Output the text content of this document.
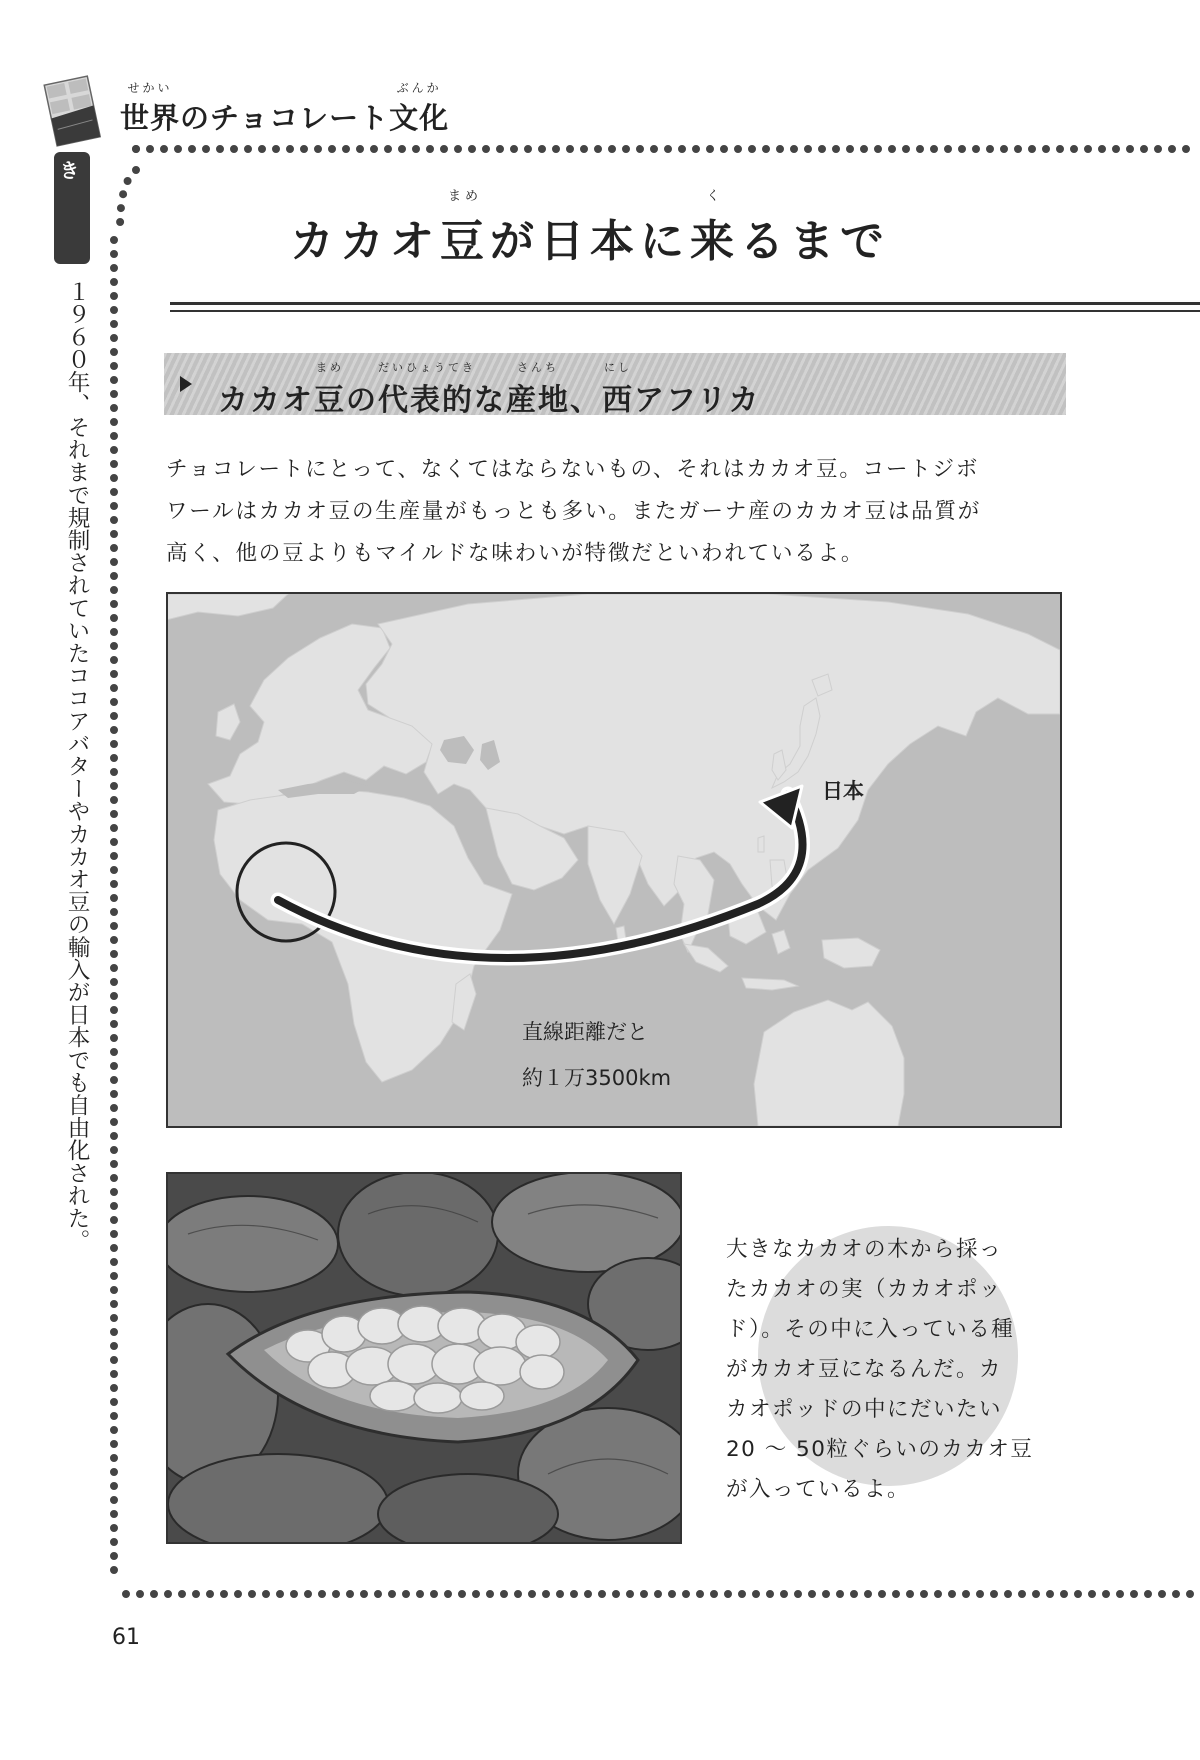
せかい
世界のチョコレート
ぶんか
文化
まめちしき
１９６０年、それまで規制されていたココアバターやカカオ豆の輸入が日本でも自由化された。
カカオ
まめ
豆が日本に
く
来るまで
カカオ
まめ
豆の
だいひょうてき
代表的な
さんち
産地、
にし
西アフリカ
チョコレートにとって、なくてはならないもの、それはカカオ豆。コートジボ
ワールはカカオ豆の生産量がもっとも多い。またガーナ産のカカオ豆は品質が
高く、他の豆よりもマイルドな味わいが特徴だといわれているよ。
日本
直線距離だと
約１万3500km
大きなカカオの木から採っ
たカカオの実（カカオポッ
ド）。その中に入っている種
がカカオ豆になるんだ。カ
カオポッドの中にだいたい
20 ～ 50粒ぐらいのカカオ豆
が入っているよ。
61
